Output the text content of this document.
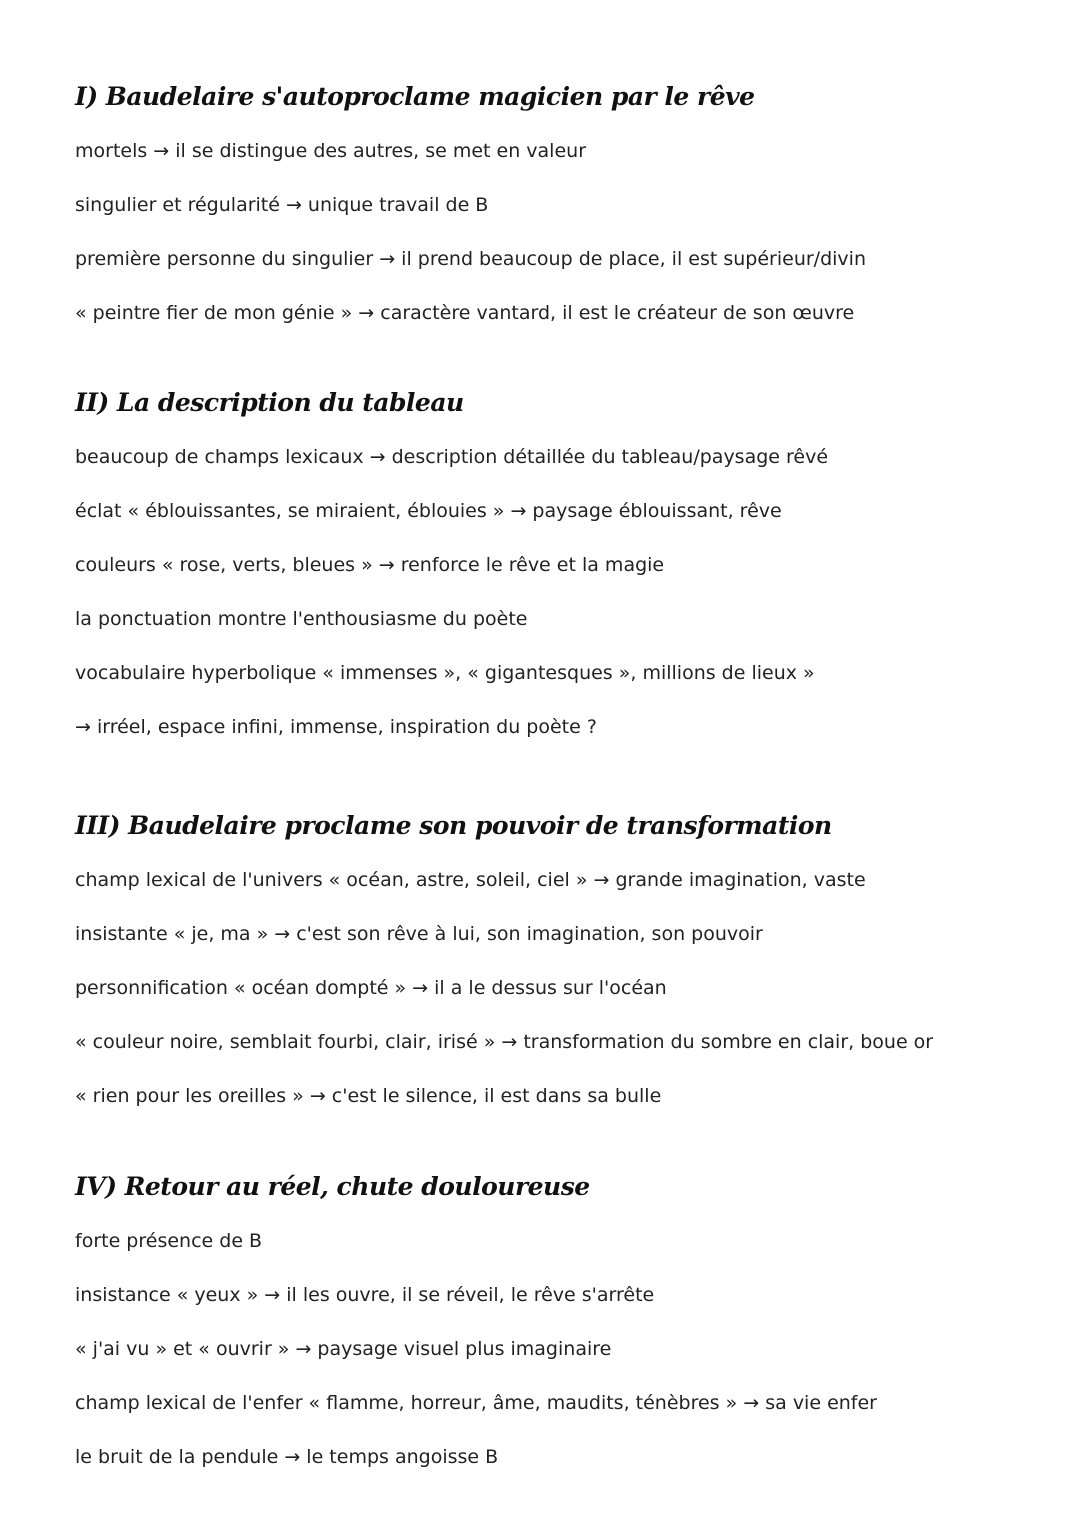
I) Baudelaire s'autoproclame magicien par le rêve
mortels → il se distingue des autres, se met en valeur
singulier et régularité → unique travail de B
première personne du singulier → il prend beaucoup de place, il est supérieur/divin
« peintre fier de mon génie » → caractère vantard, il est le créateur de son œuvre
II) La description du tableau
beaucoup de champs lexicaux → description détaillée du tableau/paysage rêvé
éclat « éblouissantes, se miraient, éblouies » → paysage éblouissant, rêve
couleurs « rose, verts, bleues » → renforce le rêve et la magie
la ponctuation montre l'enthousiasme du poète
vocabulaire hyperbolique « immenses », « gigantesques », millions de lieux »
→ irréel, espace infini, immense, inspiration du poète ?
III) Baudelaire proclame son pouvoir de transformation
champ lexical de l'univers « océan, astre, soleil, ciel » → grande imagination, vaste
insistante « je, ma » → c'est son rêve à lui, son imagination, son pouvoir
personnification « océan dompté » → il a le dessus sur l'océan
« couleur noire, semblait fourbi, clair, irisé » → transformation du sombre en clair, boue or
« rien pour les oreilles » → c'est le silence, il est dans sa bulle
IV) Retour au réel, chute douloureuse
forte présence de B
insistance « yeux » → il les ouvre, il se réveil, le rêve s'arrête
« j'ai vu » et « ouvrir » → paysage visuel plus imaginaire
champ lexical de l'enfer « flamme, horreur, âme, maudits, ténèbres » → sa vie enfer
le bruit de la pendule → le temps angoisse B
